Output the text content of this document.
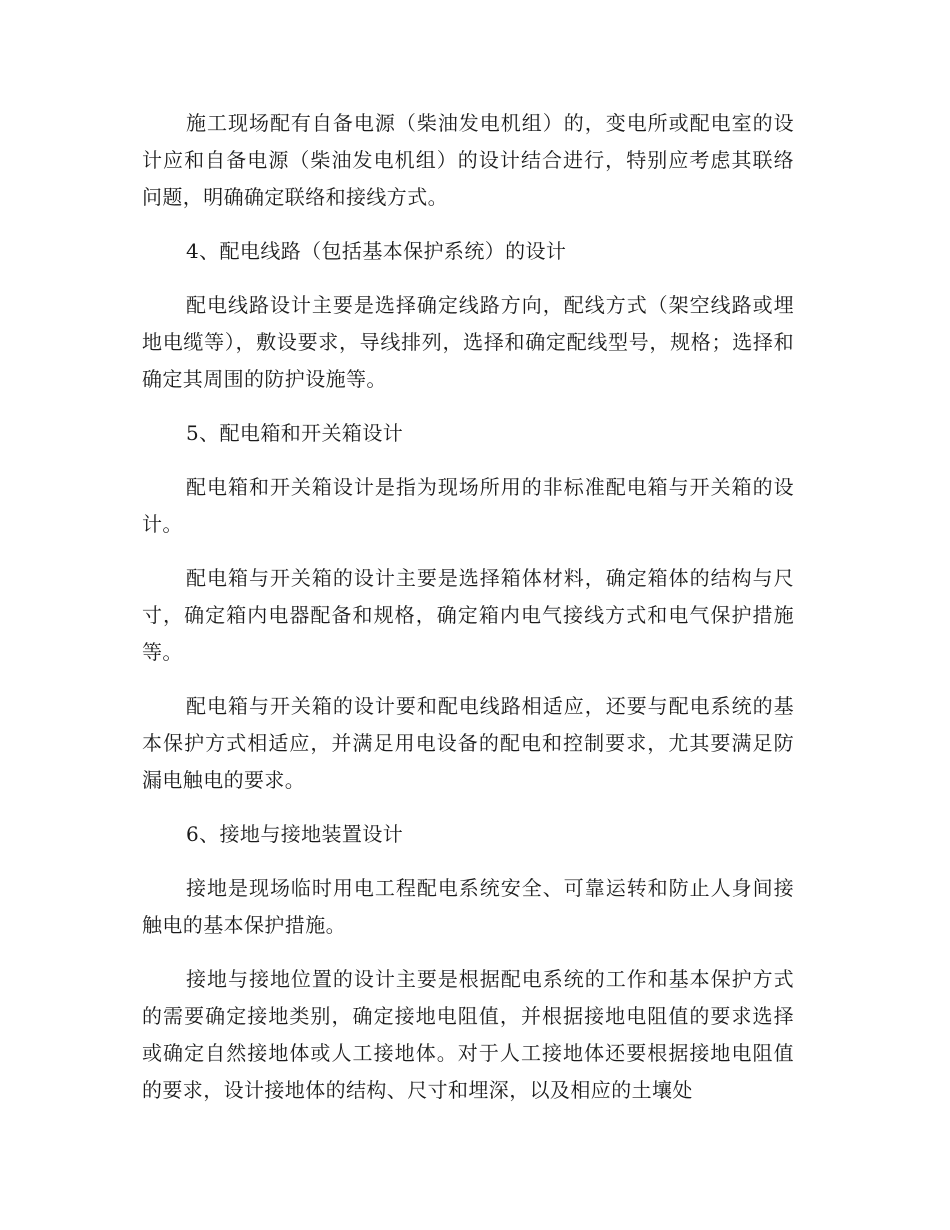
施工现场配有自备电源（柴油发电机组）的，变电所或配电室的设计应和自备电源（柴油发电机组）的设计结合进行，特别应考虑其联络问题，明确确定联络和接线方式。

4、配电线路（包括基本保护系统）的设计

配电线路设计主要是选择确定线路方向，配线方式（架空线路或埋地电缆等），敷设要求，导线排列，选择和确定配线型号，规格；选择和确定其周围的防护设施等。

5、配电箱和开关箱设计

配电箱和开关箱设计是指为现场所用的非标准配电箱与开关箱的设计。

配电箱与开关箱的设计主要是选择箱体材料，确定箱体的结构与尺寸，确定箱内电器配备和规格，确定箱内电气接线方式和电气保护措施等。

配电箱与开关箱的设计要和配电线路相适应，还要与配电系统的基本保护方式相适应，并满足用电设备的配电和控制要求，尤其要满足防漏电触电的要求。

6、接地与接地装置设计

接地是现场临时用电工程配电系统安全、可靠运转和防止人身间接触电的基本保护措施。

接地与接地位置的设计主要是根据配电系统的工作和基本保护方式的需要确定接地类别，确定接地电阻值，并根据接地电阻值的要求选择或确定自然接地体或人工接地体。对于人工接地体还要根据接地电阻值的要求，设计接地体的结构、尺寸和埋深，以及相应的土壤处
